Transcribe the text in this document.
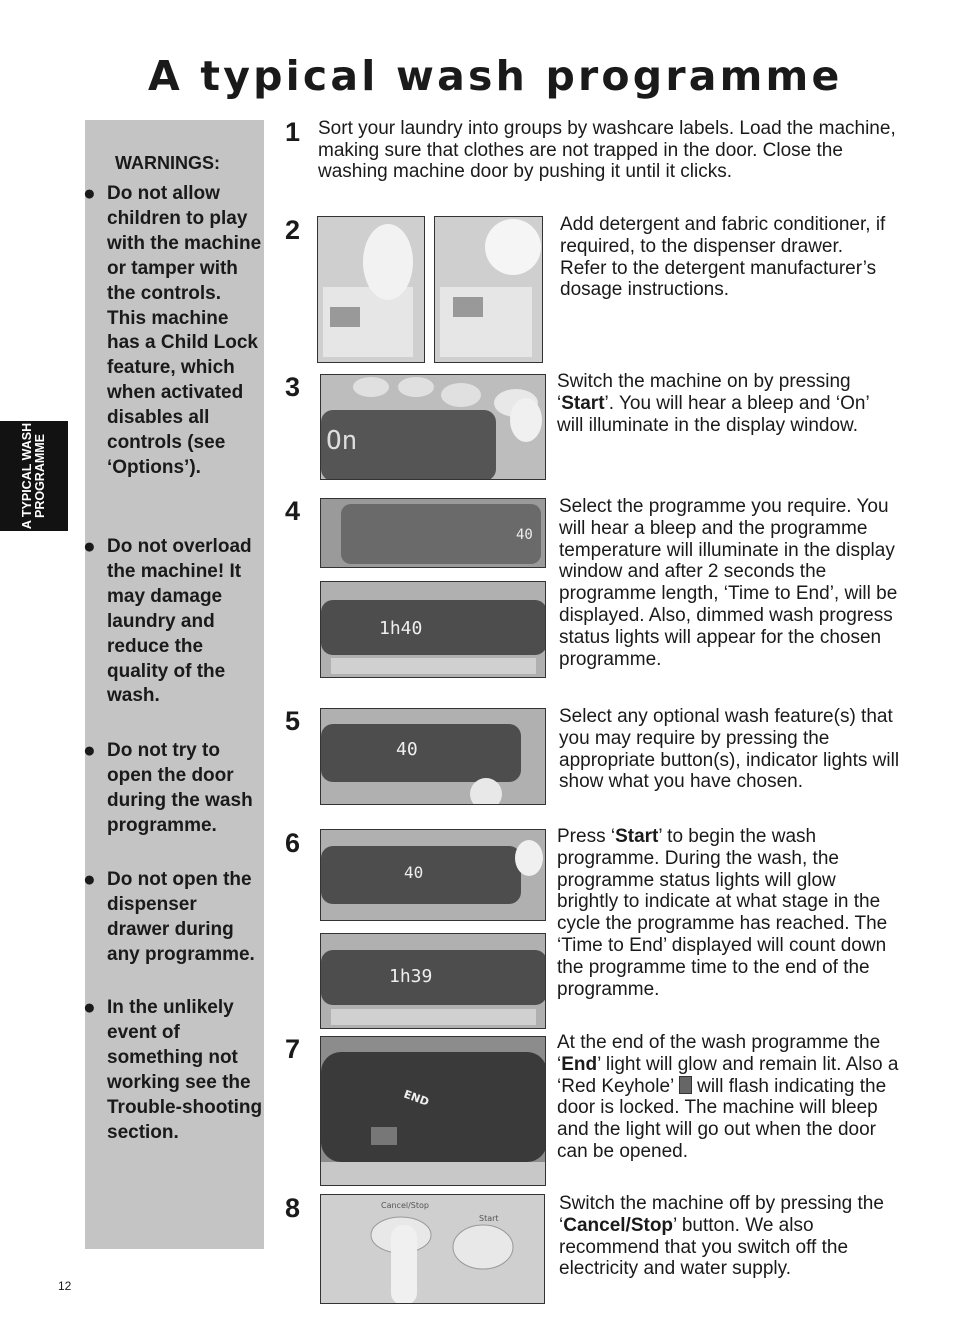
A typical wash programme
A TYPICAL WASH PROGRAMME
WARNINGS:
● Do not allow children to play with the machine or tamper with the controls. This machine has a Child Lock feature, which when activated disables all controls (see ‘Options’).
● Do not overload the machine! It may damage laundry and reduce the quality of the wash.
● Do not try to open the door during the wash programme.
● Do not open the dispenser drawer during any programme.
● In the unlikely event of something not working see the Trouble-shooting section.
1 Sort your laundry into groups by washcare labels. Load the machine, making sure that clothes are not trapped in the door. Close the washing machine door by pushing it until it clicks.
2	Add detergent and fabric conditioner, if required, to the dispenser drawer. Refer to the detergent manufacturer’s dosage instructions.
3
On
Switch the machine on by pressing ‘Start’. You will hear a bleep and ‘On’ will illuminate in the display window.
4
40
1h40
Select the programme you require. You will hear a bleep and the programme temperature will illuminate in the display window and after 2 seconds the programme length, ‘Time to End’, will be displayed. Also, dimmed wash progress status lights will appear for the chosen programme.
5
40
Select any optional wash feature(s) that you may require by pressing the appropriate button(s), indicator lights will show what you have chosen.
6
40
1h39
Press ‘Start’ to begin the wash programme. During the wash, the programme status lights will glow brightly to indicate at what stage in the cycle the programme has reached. The ‘Time to End’ displayed will count down the programme time to the end of the programme.
7
END
At the end of the wash programme the ‘End’ light will glow and remain lit. Also a ‘Red Keyhole’  will flash indicating the door is locked. The machine will bleep and the light will go out when the door can be opened.
8	Cancel/Stop
Start
Switch the machine off by pressing the ‘Cancel/Stop’ button. We also recommend that you switch off the electricity and water supply.
12
